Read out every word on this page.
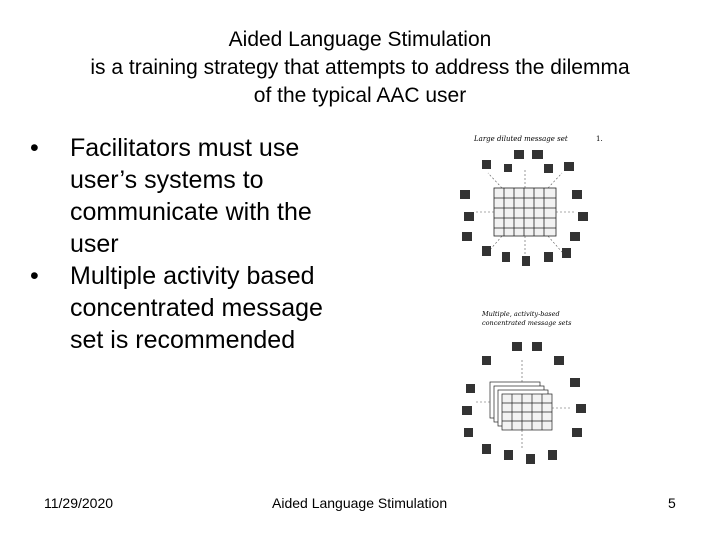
Aided Language Stimulation
is a training strategy that attempts to address the dilemma
of the typical AAC user
• Facilitators must use user’s systems to communicate with the user
• Multiple activity based concentrated message set is recommended
Large diluted message set	1.
Multiple, activity-based
concentrated message sets
11/29/2020	Aided Language Stimulation	5
